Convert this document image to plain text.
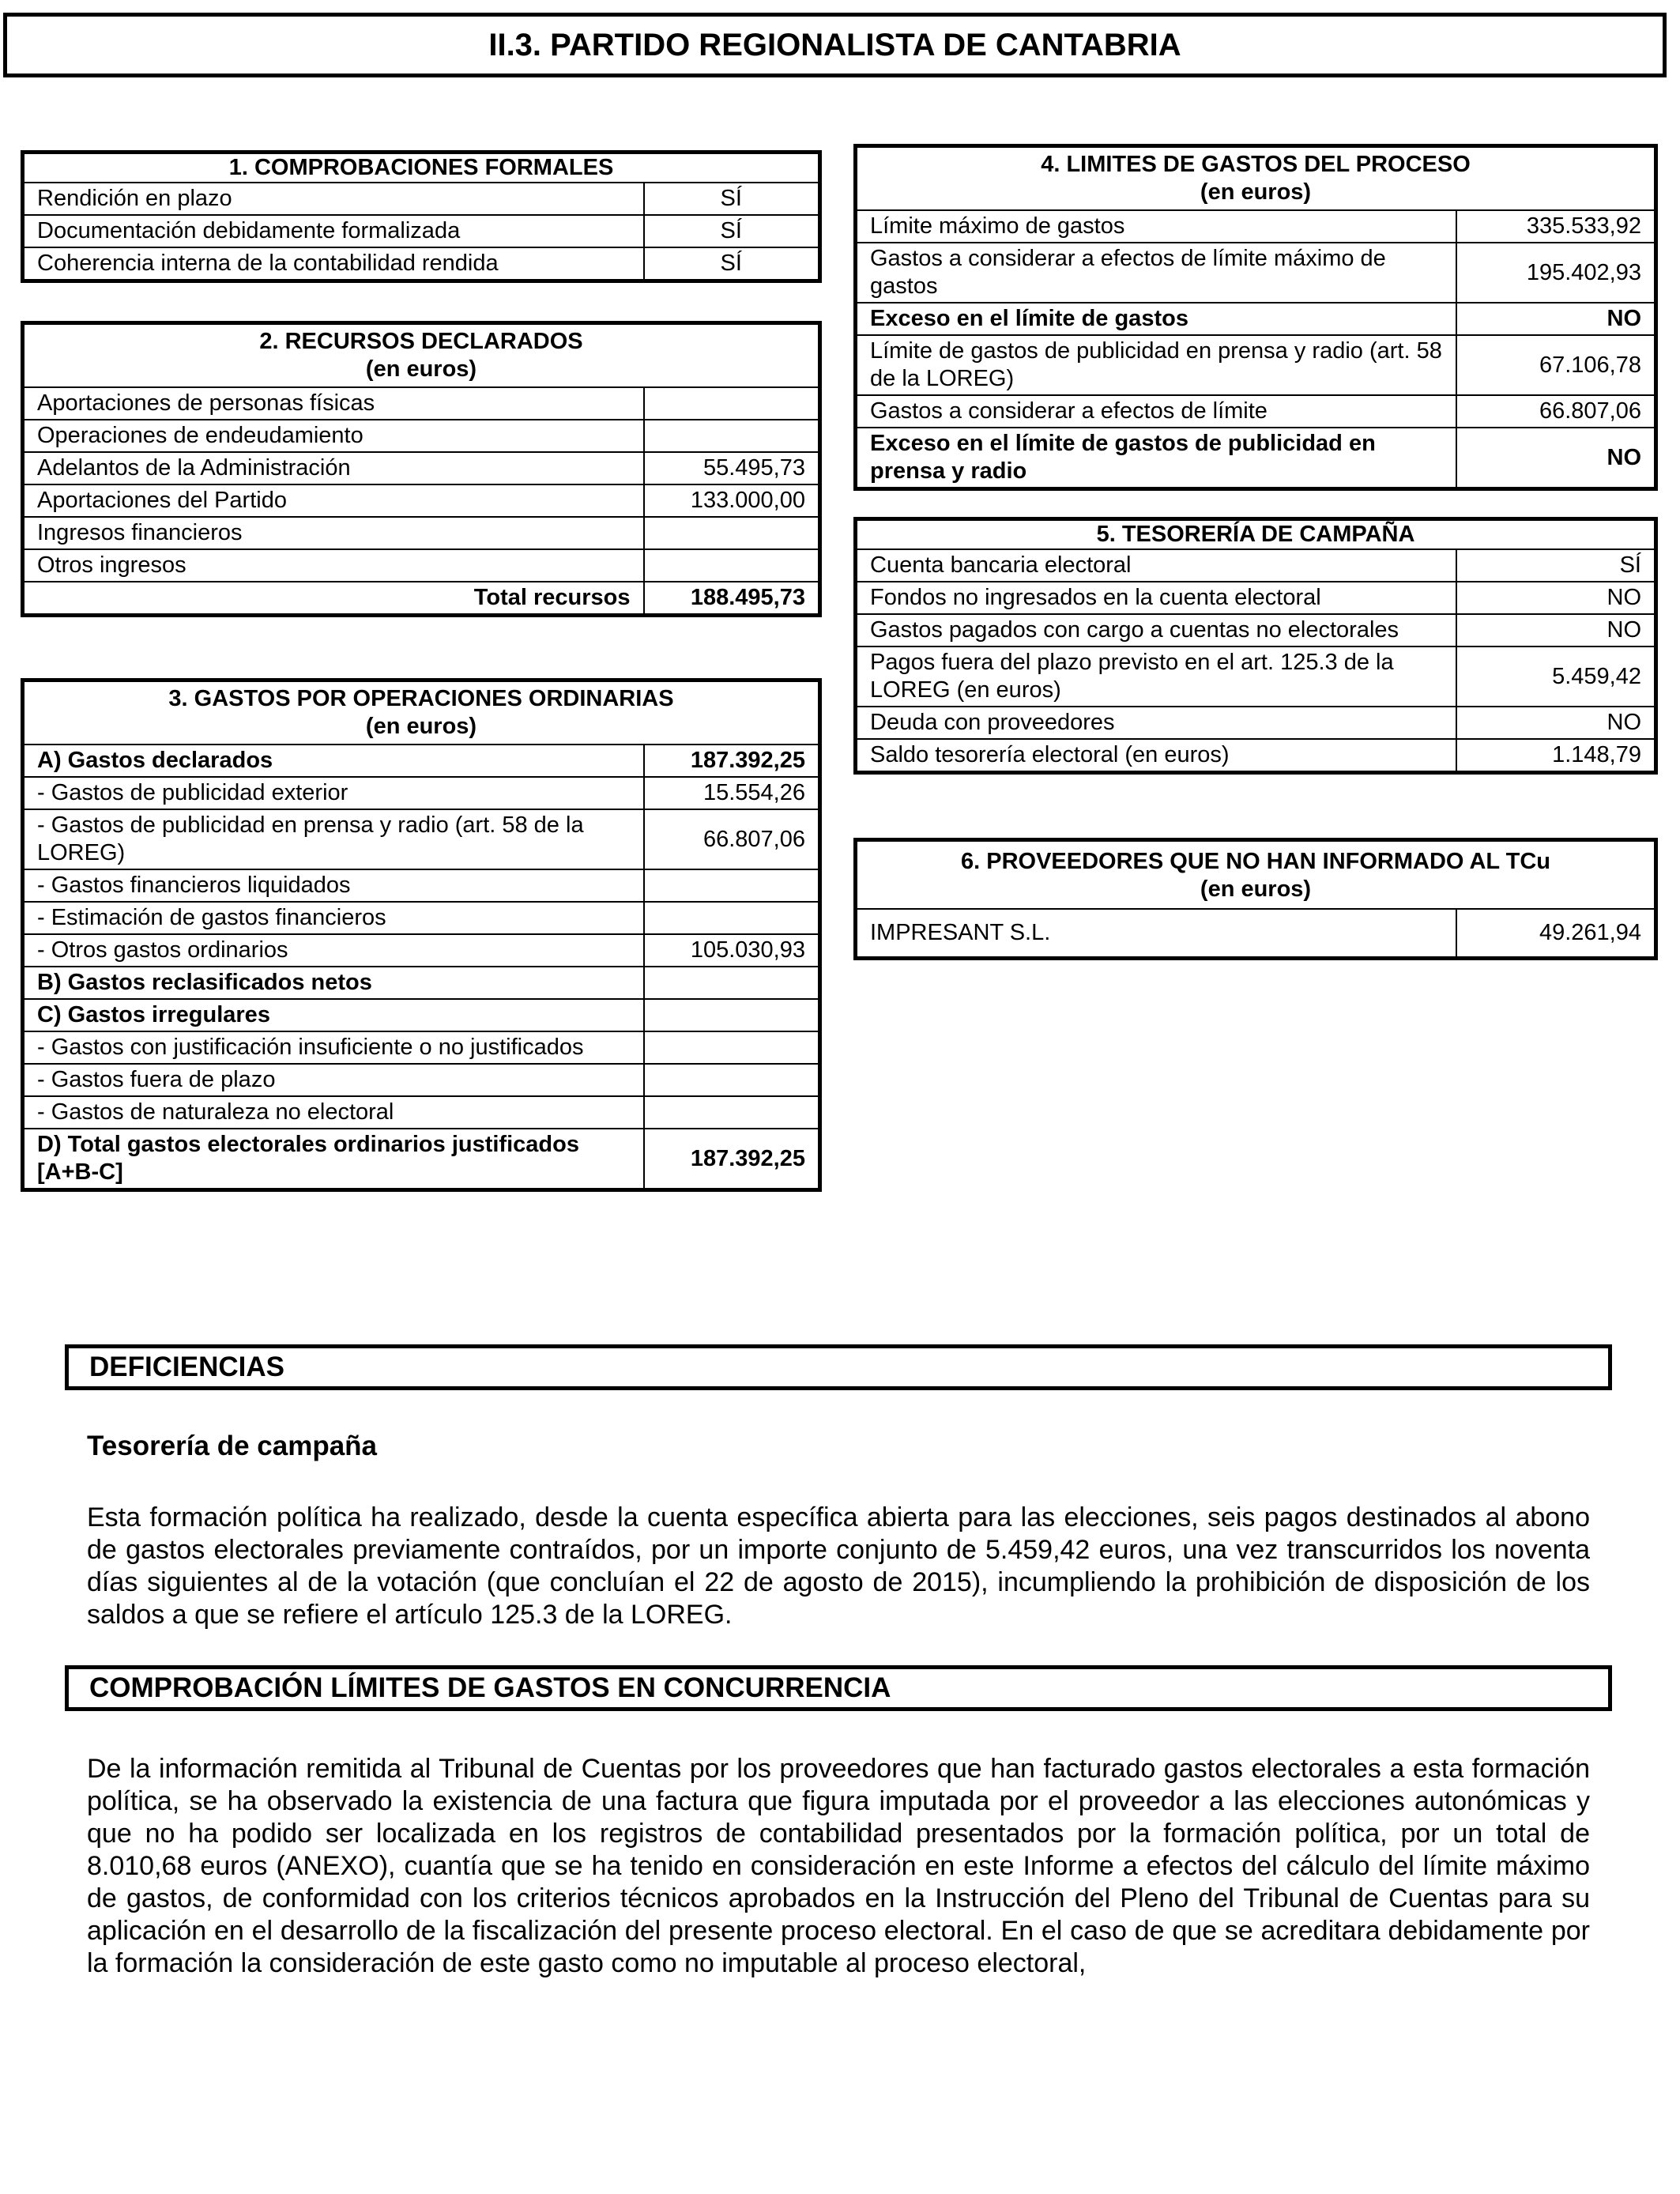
II.3. PARTIDO REGIONALISTA DE CANTABRIA
1. COMPROBACIONES FORMALES	
Rendición en plazo	SÍ
Documentación debidamente formalizada	SÍ
Coherencia interna de la contabilidad rendida	SÍ
2. RECURSOS DECLARADOS
(en euros)	

Aportaciones de personas físicas	
Operaciones de endeudamiento	
Adelantos de la Administración	55.495,73
Aportaciones del Partido	133.000,00
Ingresos financieros	
Otros ingresos	
Total recursos	188.495,73
3. GASTOS POR OPERACIONES ORDINARIAS
(en euros)	

A) Gastos declarados	187.392,25
- Gastos de publicidad exterior	15.554,26
- Gastos de publicidad en prensa y radio (art. 58 de la LOREG)	66.807,06
- Gastos financieros liquidados	
- Estimación de gastos financieros	
- Otros gastos ordinarios	105.030,93
B) Gastos reclasificados netos	
C) Gastos irregulares	
- Gastos con justificación insuficiente o no justificados	
- Gastos fuera de plazo	
- Gastos de naturaleza no electoral	
D) Total gastos electorales ordinarios justificados [A+B-C]	187.392,25
4. LIMITES DE GASTOS DEL PROCESO
(en euros)	

Límite máximo de gastos	335.533,92
Gastos a considerar a efectos de límite máximo de gastos	195.402,93
Exceso en el límite de gastos	NO
Límite de gastos de publicidad en prensa y radio (art. 58 de la LOREG)	67.106,78
Gastos a considerar a efectos de límite	66.807,06
Exceso en el límite de gastos de publicidad en prensa y radio	NO
5. TESORERÍA DE CAMPAÑA	
Cuenta bancaria electoral	SÍ
Fondos no ingresados en la cuenta electoral	NO
Gastos pagados con cargo a cuentas no electorales	NO
Pagos fuera del plazo previsto en el art. 125.3 de la LOREG (en euros)	5.459,42
Deuda con proveedores	NO
Saldo tesorería electoral (en euros)	1.148,79
6. PROVEEDORES QUE NO HAN INFORMADO AL TCu
(en euros)

IMPRESANT S.L.	49.261,94
DEFICIENCIAS
Tesorería de campaña

Esta formación política ha realizado, desde la cuenta específica abierta para las elecciones, seis pagos destinados al abono de gastos electorales previamente contraídos, por un importe conjunto de 5.459,42 euros, una vez transcurridos los noventa días siguientes al de la votación (que concluían el 22 de agosto de 2015), incumpliendo la prohibición de disposición de los saldos a que se refiere el artículo 125.3 de la LOREG.

COMPROBACIÓN LÍMITES DE GASTOS EN CONCURRENCIA

De la información remitida al Tribunal de Cuentas por los proveedores que han facturado gastos electorales a esta formación política, se ha observado la existencia de una factura que figura imputada por el proveedor a las elecciones autonómicas y que no ha podido ser localizada en los registros de contabilidad presentados por la formación política, por un total de 8.010,68 euros (ANEXO), cuantía que se ha tenido en consideración en este Informe a efectos del cálculo del límite máximo de gastos, de conformidad con los criterios técnicos aprobados en la Instrucción del Pleno del Tribunal de Cuentas para su aplicación en el desarrollo de la fiscalización del presente proceso electoral. En el caso de que se acreditara debidamente por la formación la consideración de este gasto como no imputable al proceso electoral,
